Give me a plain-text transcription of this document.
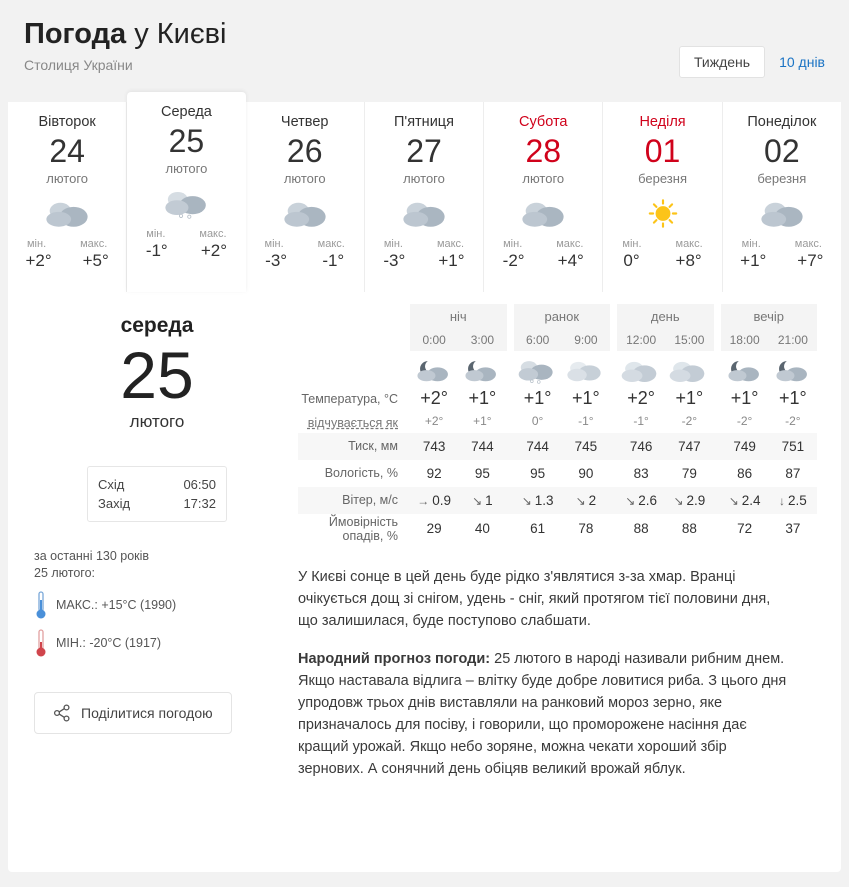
Погода у Києві
Столиця України	Тиждень	10 днів
Вівторок
24
лютого
мін.	макс.
+2° +5°
Середа
25
лютого
мін.	макс.
-1° +2°
Четвер
26
лютого
мін.	макс.
-3° -1°
П'ятниця
27
лютого
мін.	макс.
-3° +1°
Субота
28
лютого
мін.	макс.
-2° +4°
Неділя
01
березня
мін.	макс.
0° +8°
Понеділок
02
березня
мін.	макс.
+1° +7°
середа
25
лютого
Схід	06:50
Захід	17:32
за останні 130 років
25 лютого:
МАКС.: +15°C (1990)
МІН.: -20°C (1917)
Поділитися погодою
	ніч			ранок			день			вечір	
	0:00	3:00		6:00	9:00		12:00	15:00		18:00	21:00

Температура, °C	+2°	+1°		+1°	+1°		+2°	+1°		+1°	+1°
відчувається як	+2°	+1°		0°	-1°		-1°	-2°		-2°	-2°
Тиск, мм	743	744		744	745		746	747		749	751
Вологість, %	92	95		95	90		83	79		86	87
Вітер, м/с	→ 0.9	↘ 1		↘ 1.3	↘ 2		↘ 2.6	↘ 2.9		↘ 2.4	↓ 2.5
Ймовірність
опадів, %	29	40		61	78		88	88		72	37

У Києві сонце в цей день буде рідко з'являтися з-за хмар. Вранці очікується дощ зі снігом, удень - сніг, який протягом тієї половини дня, що залишилася, буде поступово слабшати.

Народний прогноз погоди: 25 лютого в народі називали рибним днем. Якщо наставала відлига – влітку буде добре ловитися риба. З цього дня упродовж трьох днів виставляли на ранковий мороз зерно, яке призначалось для посіву, і говорили, що проморожене насіння дає кращий урожай. Якщо небо зоряне, можна чекати хороший збір зернових. А сонячний день обіцяв великий врожай яблук.
